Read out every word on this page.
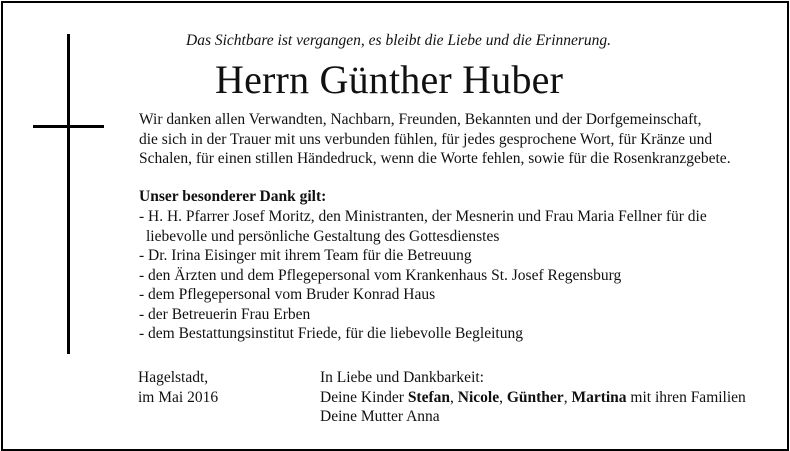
Das Sichtbare ist vergangen, es bleibt die Liebe und die Erinnerung.
Herrn Günther Huber
Wir danken allen Verwandten, Nachbarn, Freunden, Bekannten und der Dorfgemeinschaft,
die sich in der Trauer mit uns verbunden fühlen, für jedes gesprochene Wort, für Kränze und
Schalen, für einen stillen Händedruck, wenn die Worte fehlen, sowie für die Rosenkranzgebete.
Unser besonderer Dank gilt:
- H. H. Pfarrer Josef Moritz, den Ministranten, der Mesnerin und Frau Maria Fellner für die
liebevolle und persönliche Gestaltung des Gottesdienstes
- Dr. Irina Eisinger mit ihrem Team für die Betreuung
- den Ärzten und dem Pflegepersonal vom Krankenhaus St. Josef Regensburg
- dem Pflegepersonal vom Bruder Konrad Haus
- der Betreuerin Frau Erben
- dem Bestattungsinstitut Friede, für die liebevolle Begleitung
Hagelstadt,
im Mai 2016
In Liebe und Dankbarkeit:
Deine Kinder Stefan, Nicole, Günther, Martina mit ihren Familien
Deine Mutter Anna
